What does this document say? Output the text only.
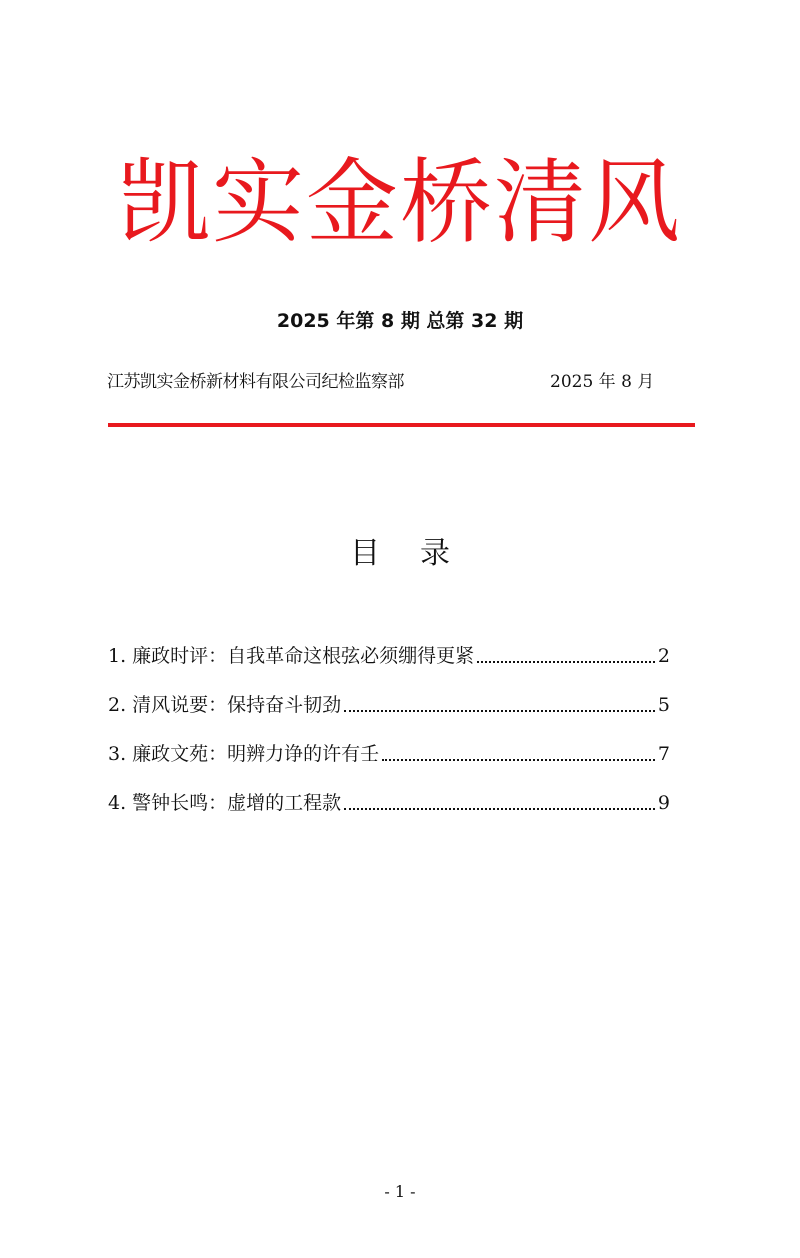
凯实金桥清风
2025 年第 8 期 总第 32 期
江苏凯实金桥新材料有限公司纪检监察部	2025 年 8 月
目 录
1. 廉政时评：自我革命这根弦必须绷得更紧	2
2. 清风说要：保持奋斗韧劲	5
3. 廉政文苑：明辨力诤的许有壬	7
4. 警钟长鸣：虚增的工程款	9
- 1 -
